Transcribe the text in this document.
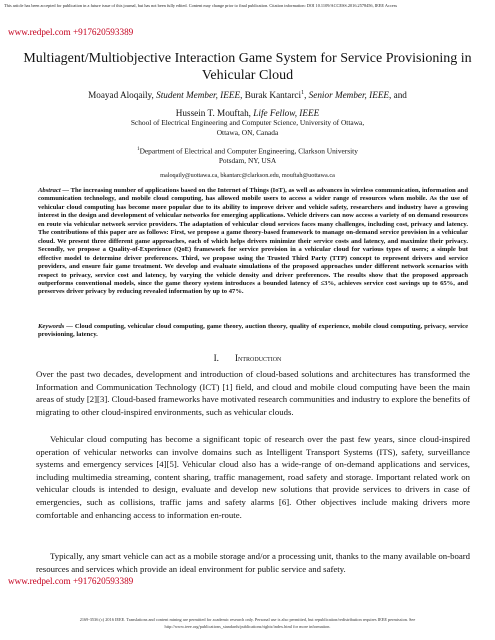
This article has been accepted for publication in a future issue of this journal, but has not been fully edited. Content may change prior to final publication. Citation information: DOI 10.1109/ACCESS.2016.2578456, IEEE Access
www.redpel.com +917620593389
Multiagent/Multiobjective Interaction Game System for Service Provisioning in Vehicular Cloud
Moayad Aloqaily, Student Member, IEEE, Burak Kantarci$^1$, Senior Member, IEEE, and
Hussein T. Mouftah, Life Fellow, IEEE
School of Electrical Engineering and Computer Science, University of Ottawa,
Ottawa, ON, Canada
$^1$Department of Electrical and Computer Engineering, Clarkson University
Potsdam, NY, USA
maloqaily@uottawa.ca, bkantarc@clarkson.edu, mouftah@uottawa.ca

Abstract — The increasing number of applications based on the Internet of Things (IoT), as well as advances in wireless communication, information and communication technology, and mobile cloud computing, has allowed mobile users to access a wider range of resources when mobile. As the use of vehicular cloud computing has become more popular due to its ability to improve driver and vehicle safety, researchers and industry have a growing interest in the design and development of vehicular networks for emerging applications. Vehicle drivers can now access a variety of on demand resources en route via vehicular network service providers. The adaptation of vehicular cloud services faces many challenges, including cost, privacy and latency. The contributions of this paper are as follows: First, we propose a game theory-based framework to manage on-demand service provision in a vehicular cloud. We present three different game approaches, each of which helps drivers minimize their service costs and latency, and maximize their privacy. Secondly, we propose a Quality-of-Experience (QoE) framework for service provision in a vehicular cloud for various types of users; a simple but effective model to determine driver preferences. Third, we propose using the Trusted Third Party (TTP) concept to represent drivers and service providers, and ensure fair game treatment. We develop and evaluate simulations of the proposed approaches under different network scenarios with respect to privacy, service cost and latency, by varying the vehicle density and driver preferences. The results show that the proposed approach outperforms conventional models, since the game theory system introduces a bounded latency of ≤3%, achieves service cost savings up to 65%, and preserves driver privacy by reducing revealed information by up to 47%.

Keywords — Cloud computing, vehicular cloud computing, game theory, auction theory, quality of experience, mobile cloud computing, privacy, service provisioning, latency.

I. Introduction

Over the past two decades, development and introduction of cloud-based solutions and architectures has transformed the Information and Communication Technology (ICT) [1] field, and cloud and mobile cloud computing have been the main areas of study [2][3]. Cloud-based frameworks have motivated research communities and industry to explore the benefits of migrating to other cloud-inspired environments, such as vehicular clouds.

Vehicular cloud computing has become a significant topic of research over the past few years, since cloud-inspired operation of vehicular networks can involve domains such as Intelligent Transport Systems (ITS), safety, surveillance systems and emergency services [4][5]. Vehicular cloud also has a wide-range of on-demand applications and services, including multimedia streaming, content sharing, traffic management, road safety and storage. Important related work on vehicular clouds is intended to design, evaluate and develop new solutions that provide services to drivers in case of emergencies, such as collisions, traffic jams and safety alarms [6]. Other objectives include making drivers more comfortable and enhancing access to information en-route.

Typically, any smart vehicle can act as a mobile storage and/or a processing unit, thanks to the many available on-board resources and services which provide an ideal environment for public service and safety.

www.redpel.com +917620593389
2169-3536 (c) 2016 IEEE. Translations and content mining are permitted for academic research only. Personal use is also permitted, but republication/redistribution requires IEEE permission. See
http://www.ieee.org/publications_standards/publications/rights/index.html for more information.
